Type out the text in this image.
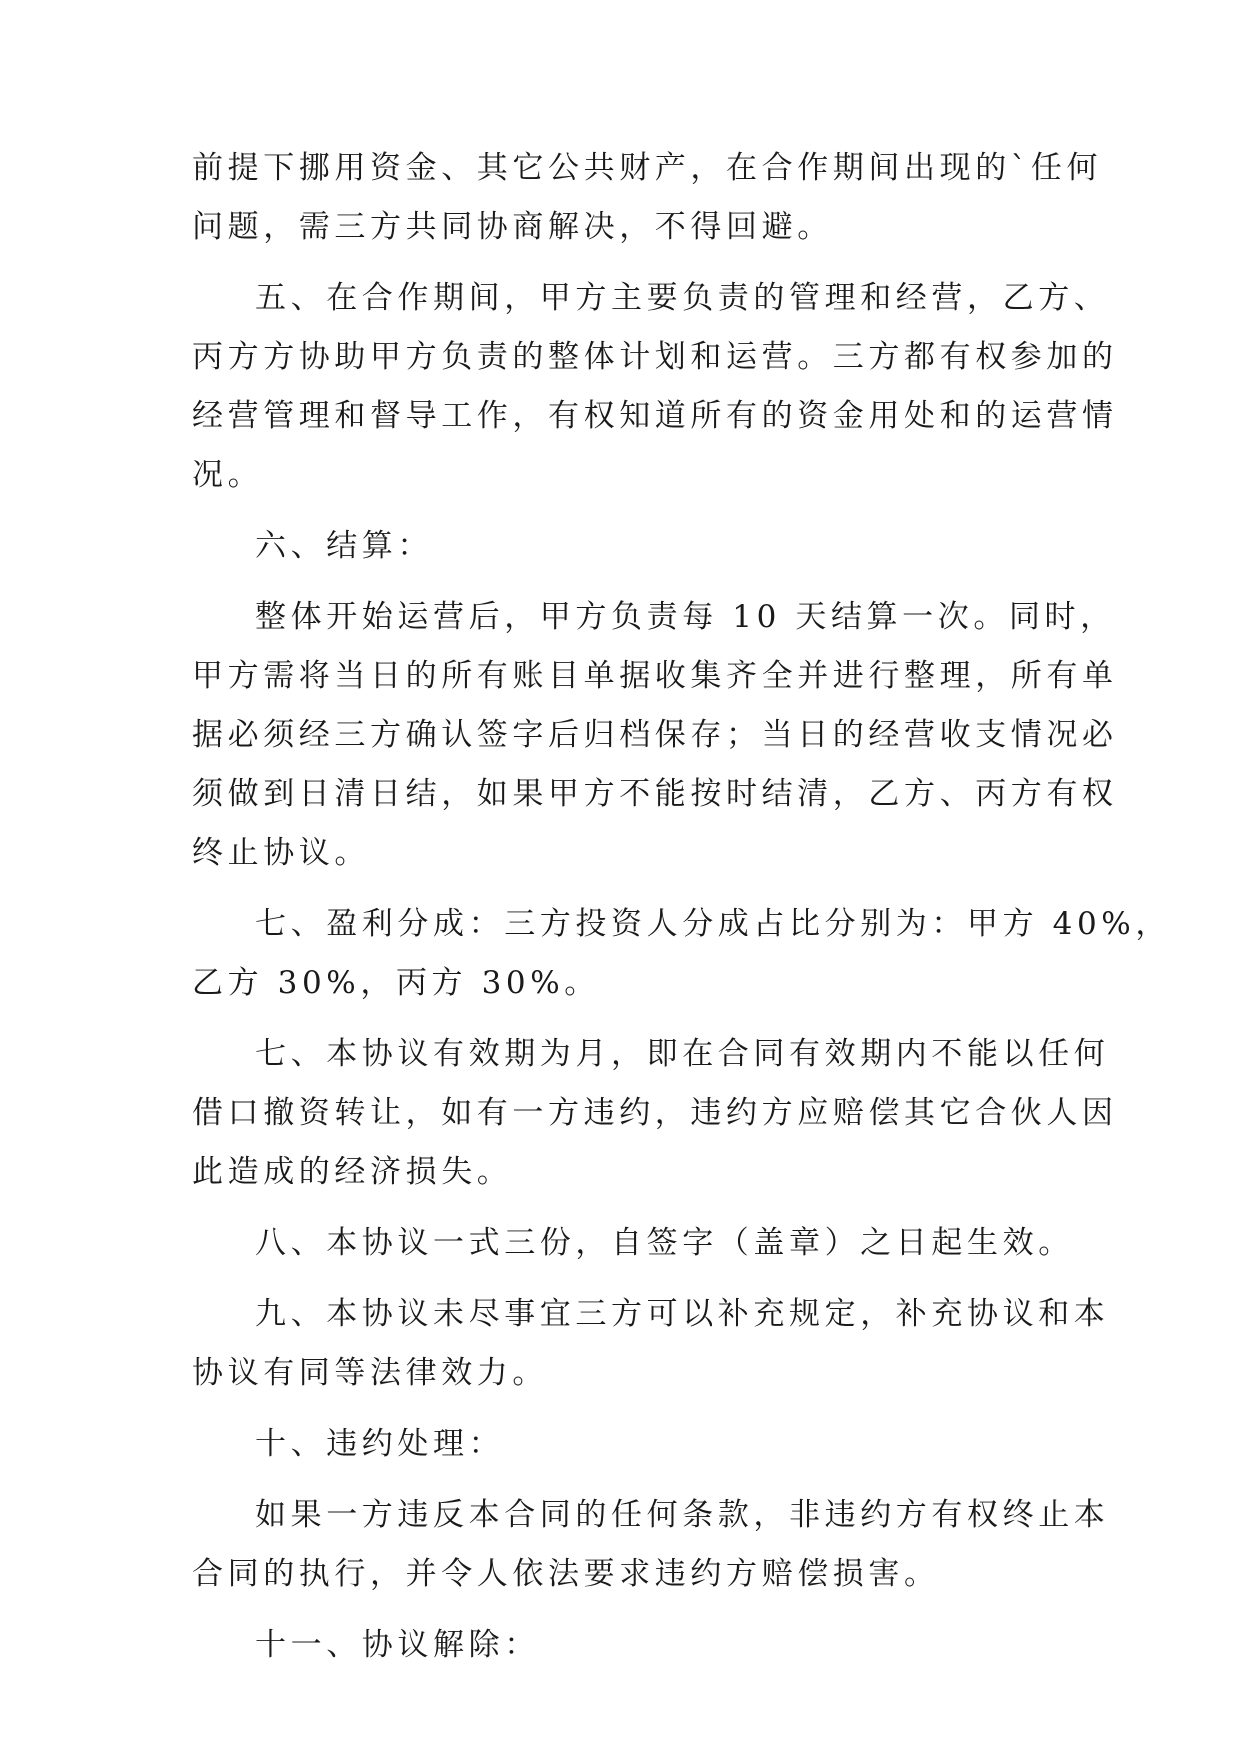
前提下挪用资金、其它公共财产，在合作期间出现的`任何

问题，需三方共同协商解决，不得回避。

五、在合作期间，甲方主要负责的管理和经营，乙方、

丙方方协助甲方负责的整体计划和运营。三方都有权参加的

经营管理和督导工作，有权知道所有的资金用处和的运营情

况。

六、结算：

整体开始运营后，甲方负责每 10 天结算一次。同时，

甲方需将当日的所有账目单据收集齐全并进行整理，所有单

据必须经三方确认签字后归档保存；当日的经营收支情况必

须做到日清日结，如果甲方不能按时结清，乙方、丙方有权

终止协议。

七、盈利分成：三方投资人分成占比分别为：甲方 40%，

乙方 30%，丙方 30%。

七、本协议有效期为月，即在合同有效期内不能以任何

借口撤资转让，如有一方违约，违约方应赔偿其它合伙人因

此造成的经济损失。

八、本协议一式三份，自签字（盖章）之日起生效。

九、本协议未尽事宜三方可以补充规定，补充协议和本

协议有同等法律效力。

十、违约处理：

如果一方违反本合同的任何条款，非违约方有权终止本

合同的执行，并令人依法要求违约方赔偿损害。

十一、协议解除：
